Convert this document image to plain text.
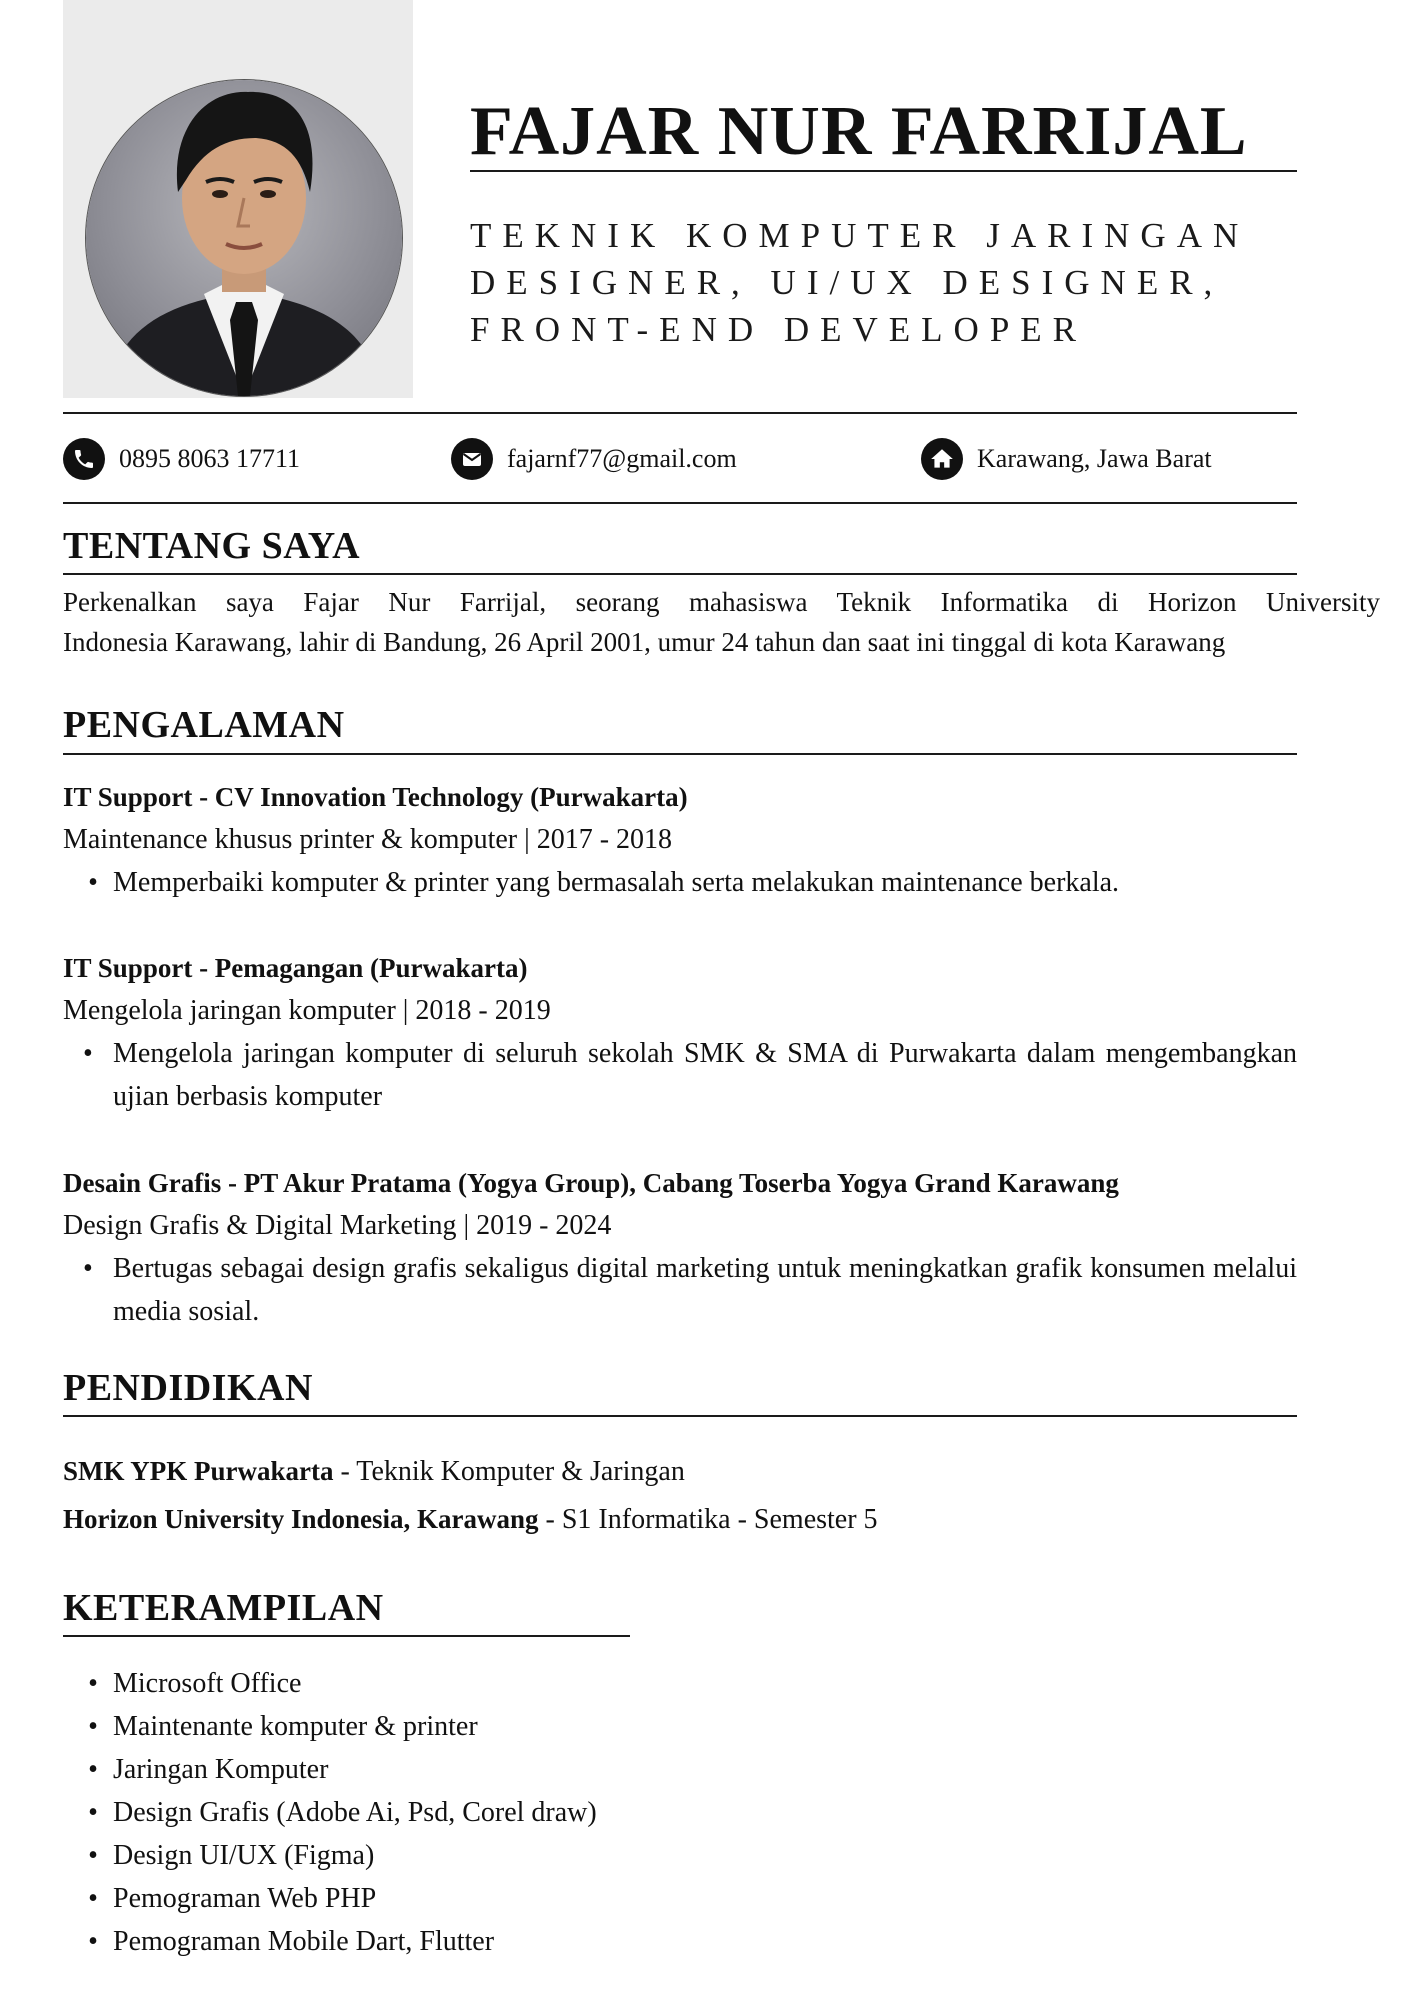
FAJAR NUR FARRIJAL
TEKNIK KOMPUTER JARINGAN
DESIGNER, UI/UX DESIGNER,
FRONT-END DEVELOPER
0895 8063 17711	fajarnf77@gmail.com	Karawang, Jawa Barat
TENTANG SAYA
Perkenalkan saya Fajar Nur Farrijal, seorang mahasiswa Teknik Informatika di Horizon University
Indonesia Karawang, lahir di Bandung, 26 April 2001, umur 24 tahun dan saat ini tinggal di kota Karawang
PENGALAMAN
IT Support - CV Innovation Technology (Purwakarta)
Maintenance khusus printer & komputer | 2017 - 2018
• Memperbaiki komputer & printer yang bermasalah serta melakukan maintenance berkala.
IT Support - Pemagangan (Purwakarta)
Mengelola jaringan komputer | 2018 - 2019
• Mengelola jaringan komputer di seluruh sekolah SMK & SMA di Purwakarta dalam mengembangkan ujian berbasis komputer
Desain Grafis - PT Akur Pratama (Yogya Group), Cabang Toserba Yogya Grand Karawang
Design Grafis & Digital Marketing | 2019 - 2024
• Bertugas sebagai design grafis sekaligus digital marketing untuk meningkatkan grafik konsumen melalui media sosial.
PENDIDIKAN
SMK YPK Purwakarta - Teknik Komputer & Jaringan
Horizon University Indonesia, Karawang - S1 Informatika - Semester 5
KETERAMPILAN
• Microsoft Office
• Maintenante komputer & printer
• Jaringan Komputer
• Design Grafis (Adobe Ai, Psd, Corel draw)
• Design UI/UX (Figma)
• Pemograman Web PHP
• Pemograman Mobile Dart, Flutter
